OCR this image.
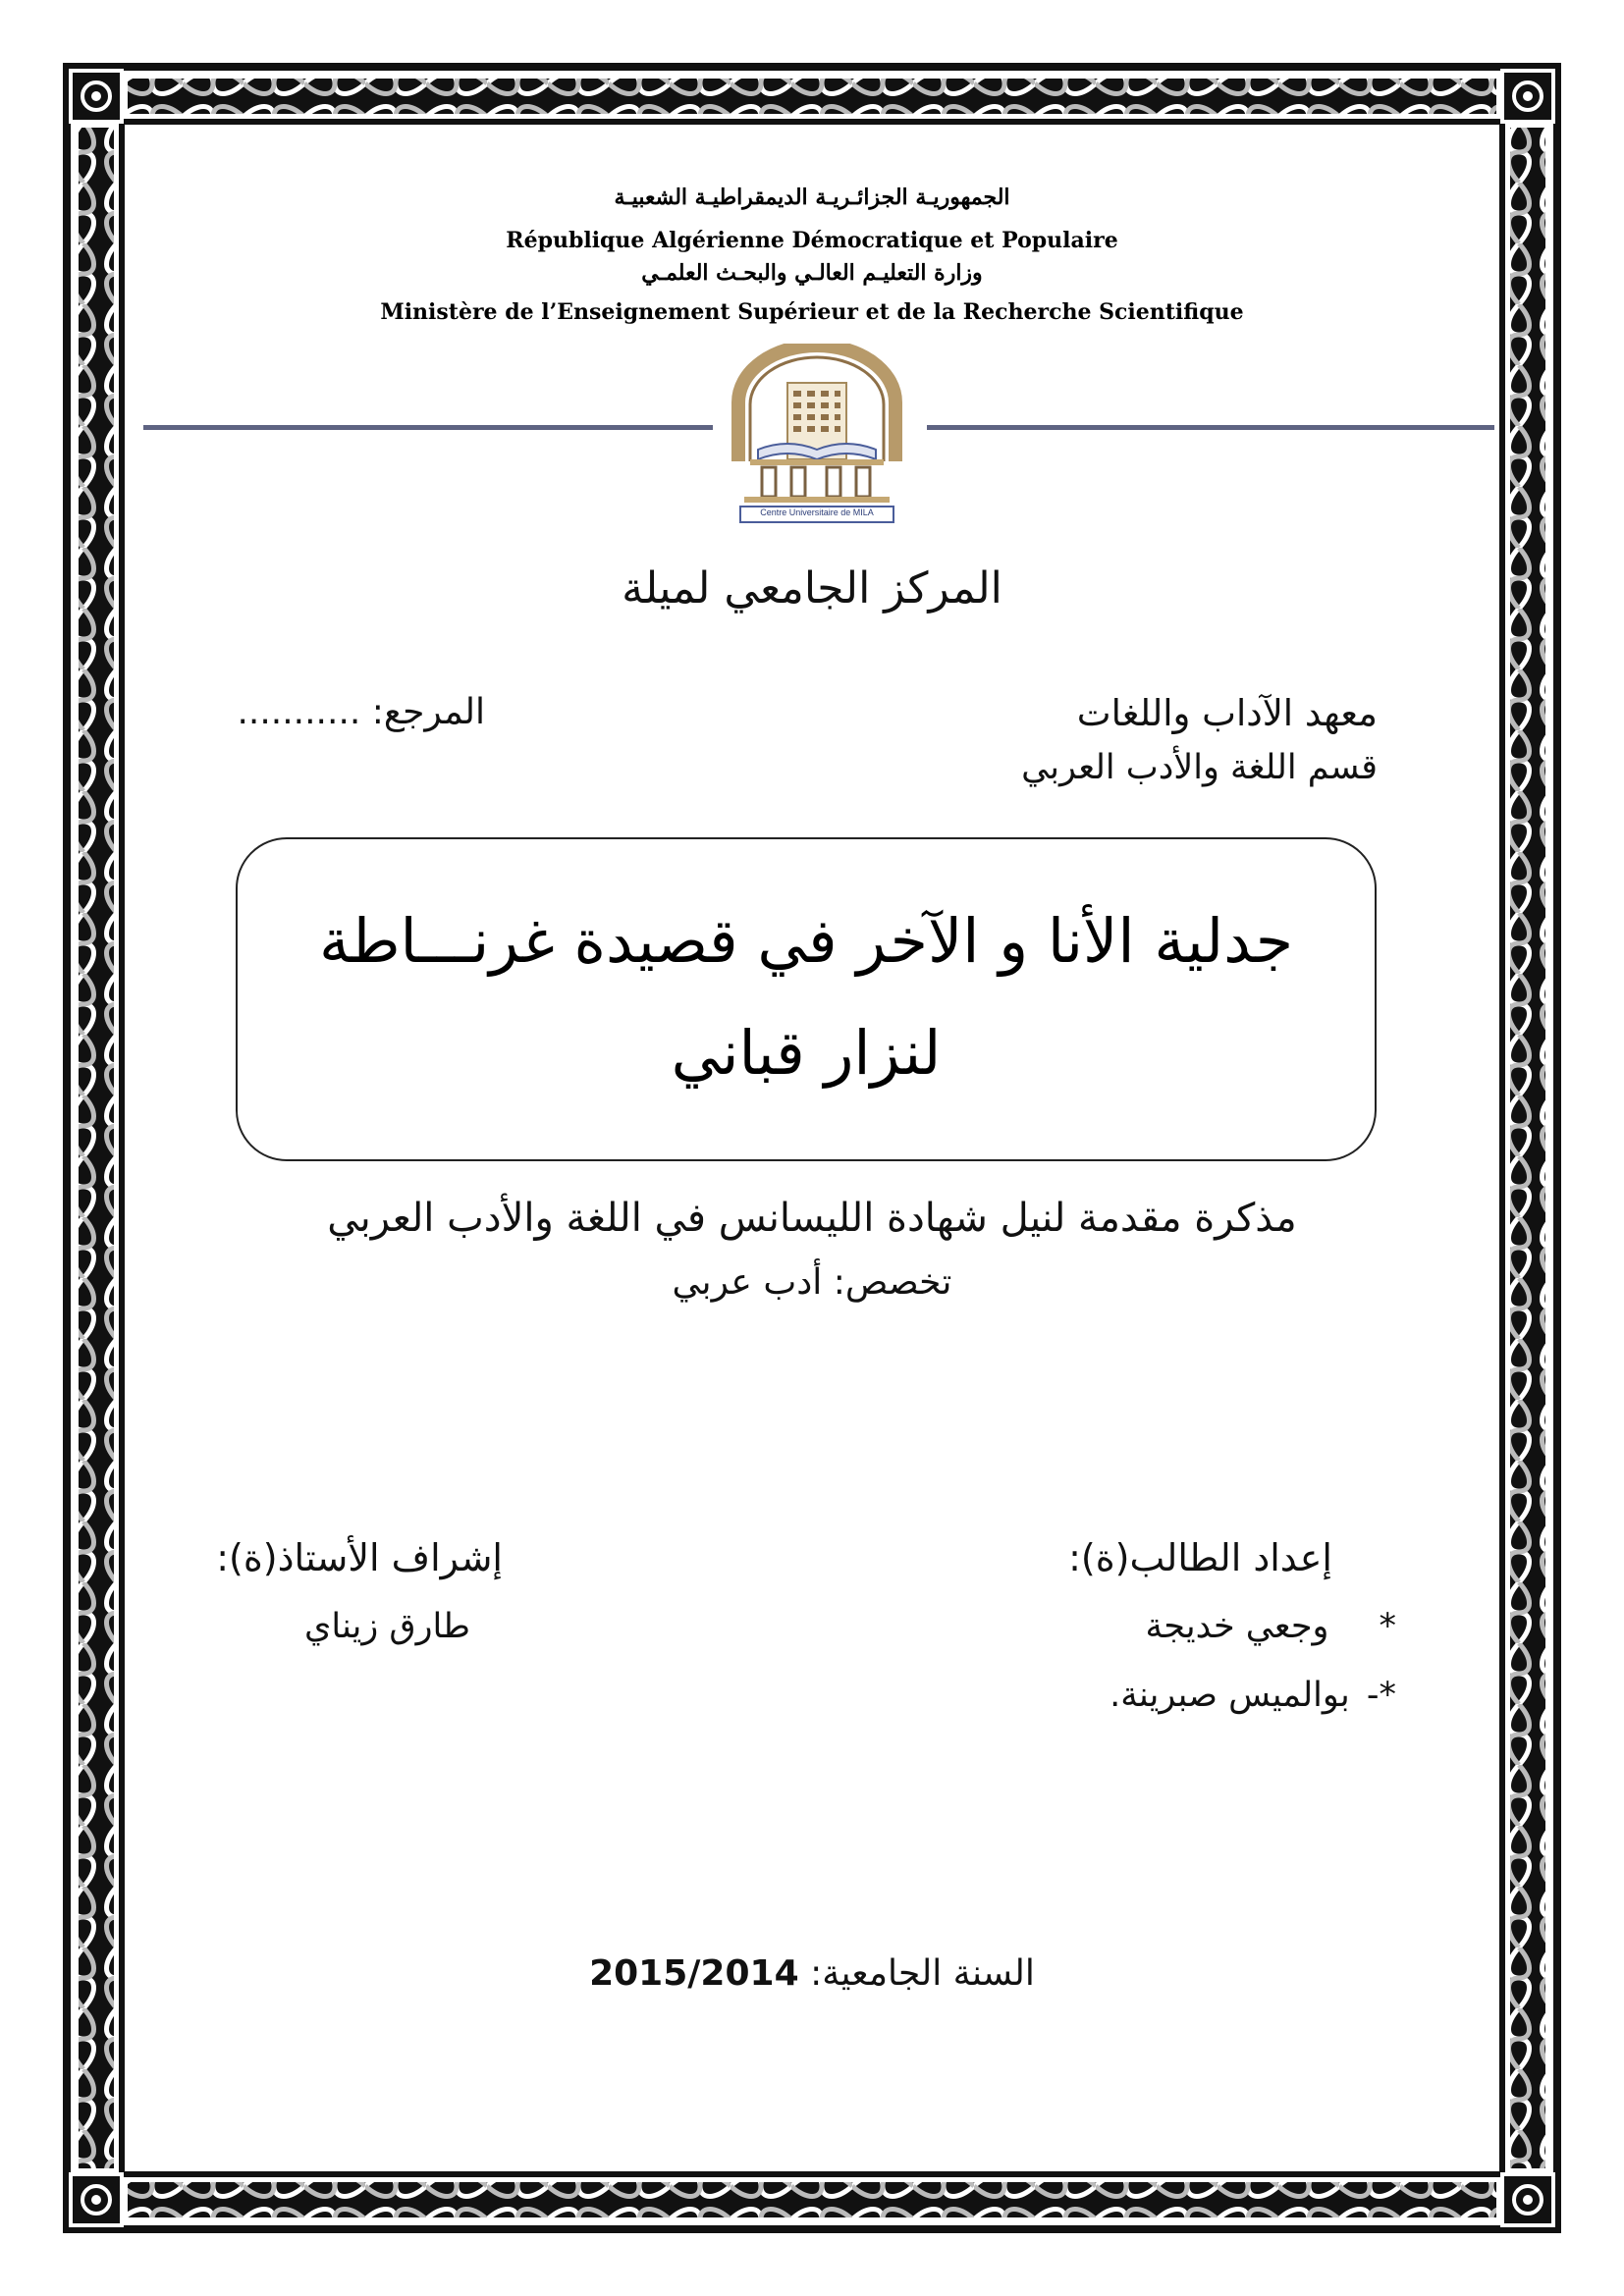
الجمهوريـة الجزائـريـة الديمقراطيـة الشعبيـة
République Algérienne Démocratique et Populaire
وزارة التعليـم العالـي والبحـث العلمـي
Ministère de l’Enseignement Supérieur et de la Recherche Scientifique
Centre Universitaire de MILA
المركز الجامعي لميلة
معهد الآداب واللغات
قسم اللغة والأدب العربي
المرجع: ...........
جدلية الأنا و الآخر في قصيدة غرنـــاطة
لنزار قباني
مذكرة مقدمة لنيل شهادة الليسانس في اللغة والأدب العربي
تخصص: أدب عربي
إعداد الطالب(ة):
* وجعي خديجة
*- بوالميس صبرينة.
إشراف الأستاذ(ة):
طارق زيناي
السنة الجامعية: 2015/2014
